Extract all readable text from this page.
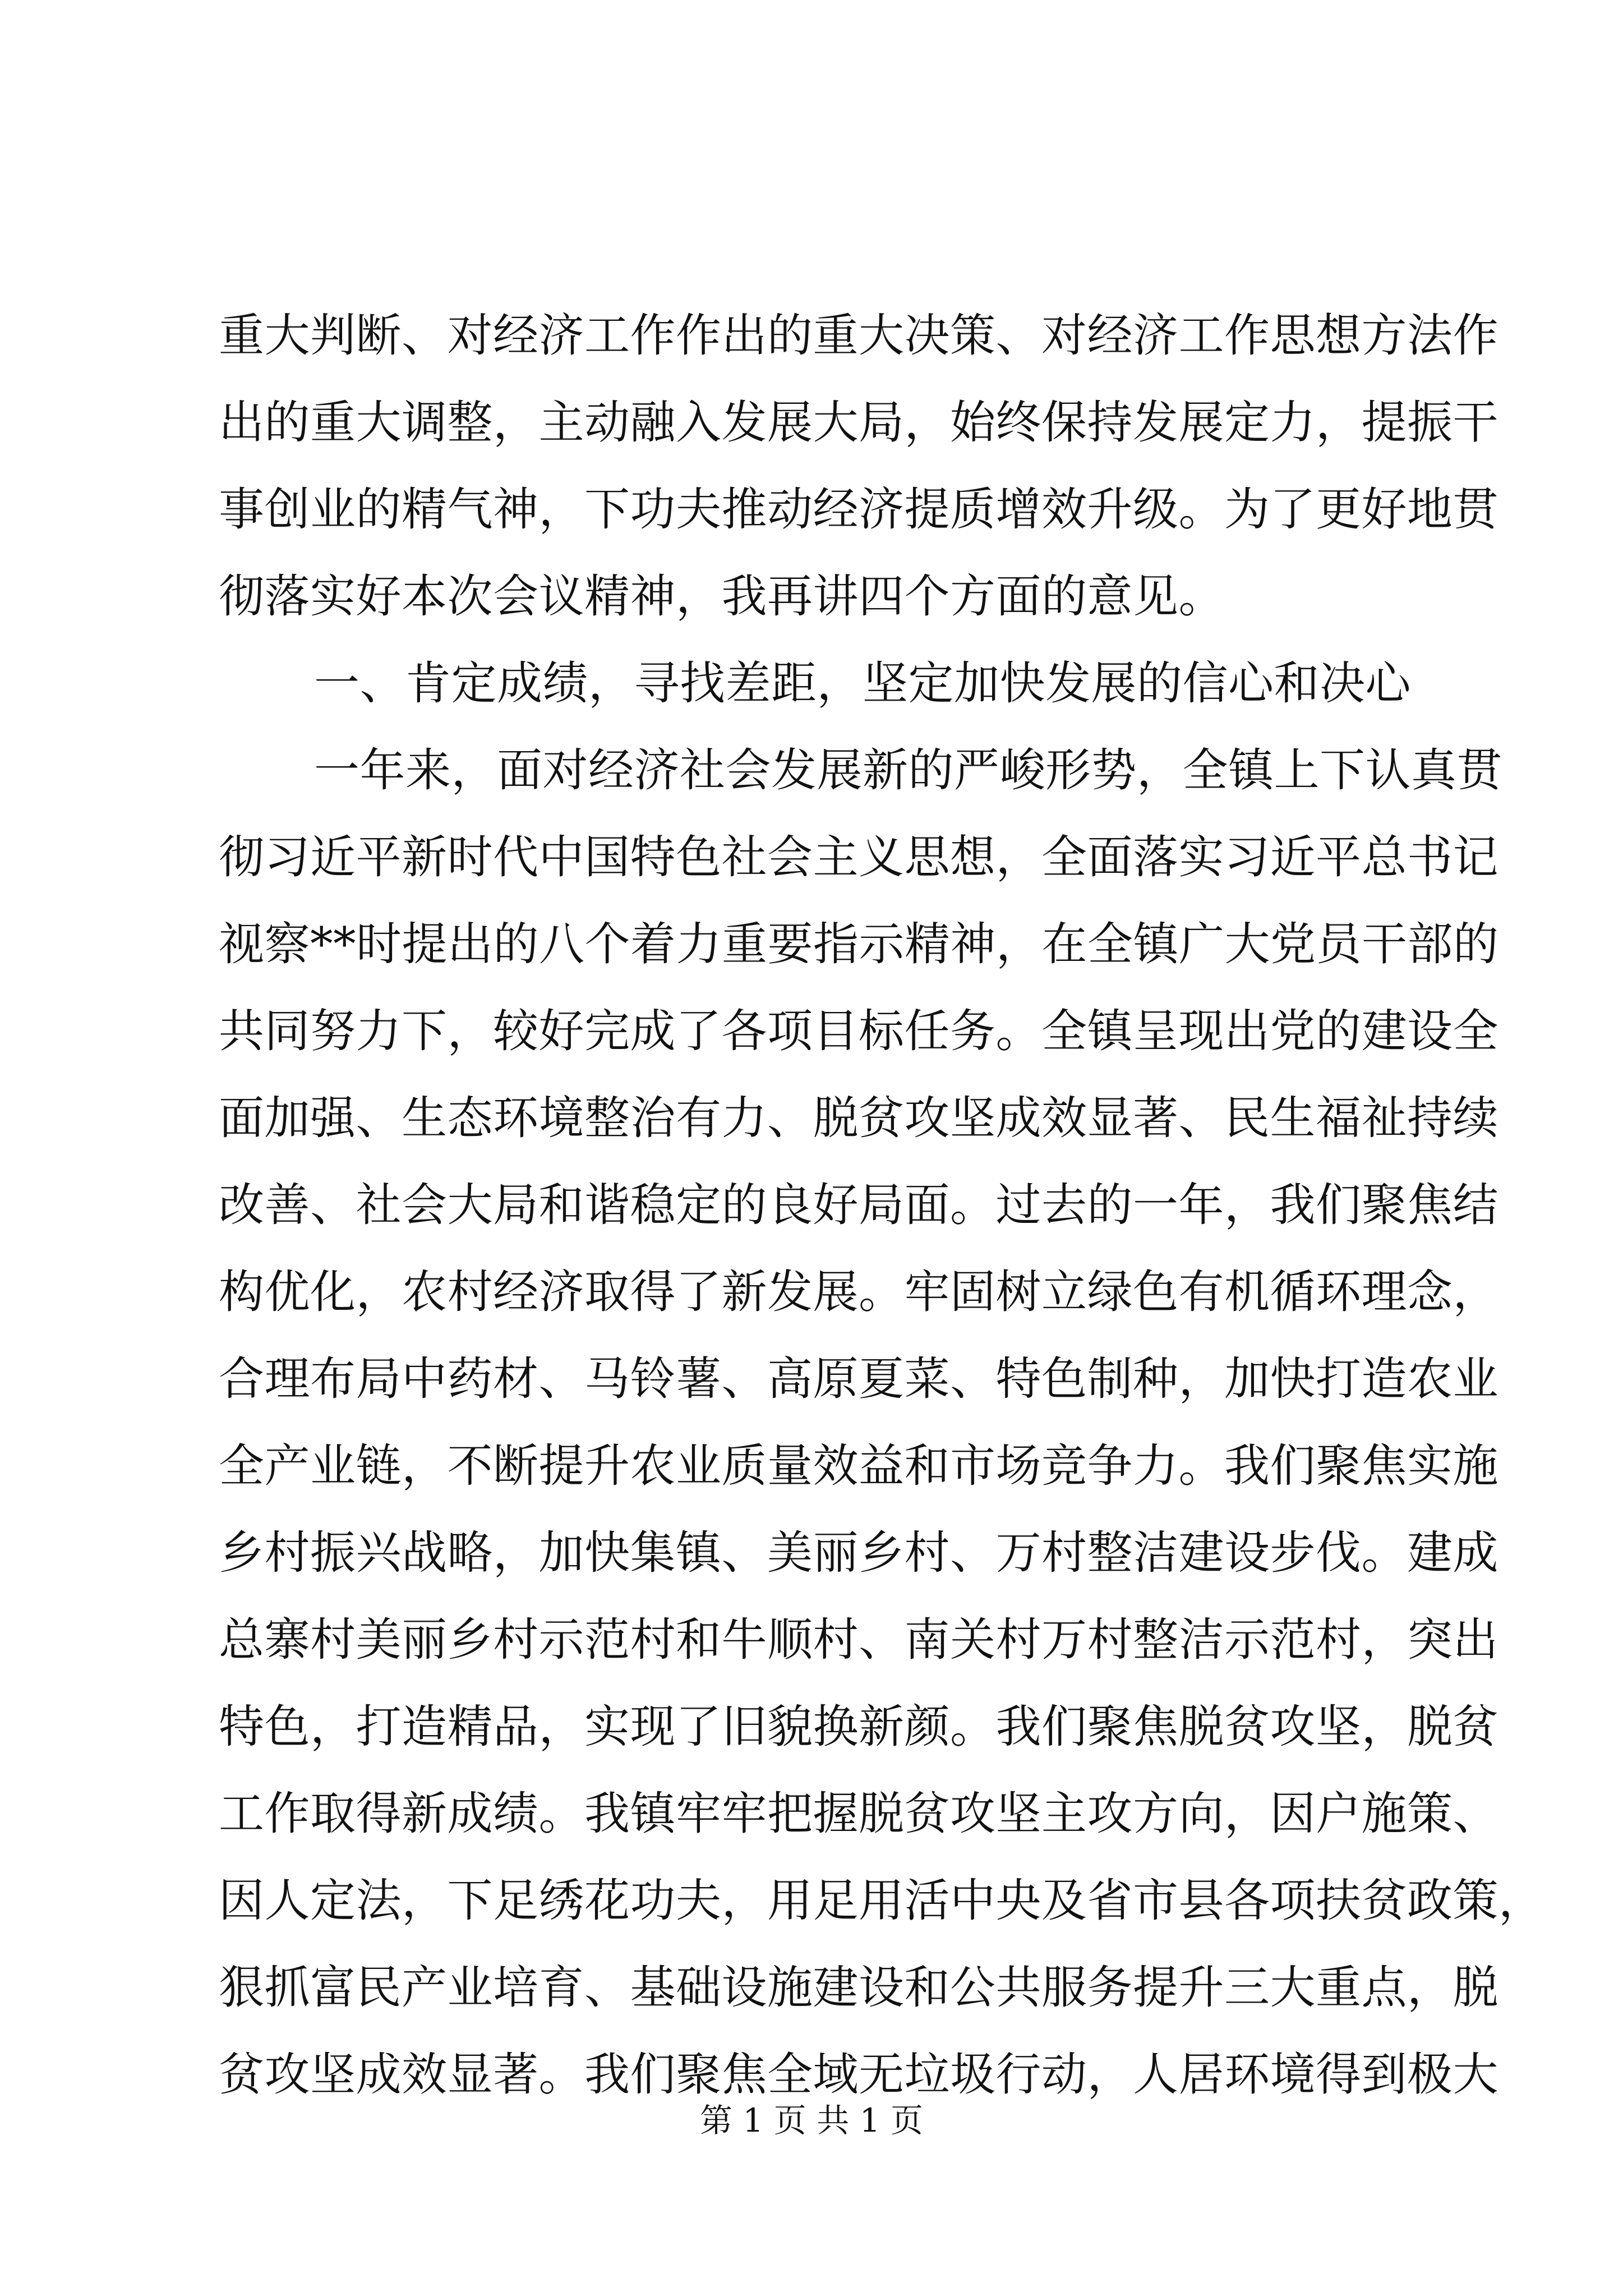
重大判断、对经济工作作出的重大决策、对经济工作思想方法作
出的重大调整，主动融入发展大局，始终保持发展定力，提振干
事创业的精气神，下功夫推动经济提质增效升级。为了更好地贯
彻落实好本次会议精神，我再讲四个方面的意见。
一、肯定成绩，寻找差距，坚定加快发展的信心和决心
一年来，面对经济社会发展新的严峻形势，全镇上下认真贯
彻习近平新时代中国特色社会主义思想，全面落实习近平总书记
视察**时提出的八个着力重要指示精神，在全镇广大党员干部的
共同努力下，较好完成了各项目标任务。全镇呈现出党的建设全
面加强、生态环境整治有力、脱贫攻坚成效显著、民生福祉持续
改善、社会大局和谐稳定的良好局面。过去的一年，我们聚焦结
构优化，农村经济取得了新发展。牢固树立绿色有机循环理念，
合理布局中药材、马铃薯、高原夏菜、特色制种，加快打造农业
全产业链，不断提升农业质量效益和市场竞争力。我们聚焦实施
乡村振兴战略，加快集镇、美丽乡村、万村整洁建设步伐。建成
总寨村美丽乡村示范村和牛顺村、南关村万村整洁示范村，突出
特色，打造精品，实现了旧貌换新颜。我们聚焦脱贫攻坚，脱贫
工作取得新成绩。我镇牢牢把握脱贫攻坚主攻方向，因户施策、
因人定法，下足绣花功夫，用足用活中央及省市县各项扶贫政策，
狠抓富民产业培育、基础设施建设和公共服务提升三大重点，脱
贫攻坚成效显著。我们聚焦全域无垃圾行动，人居环境得到极大
第 1 页 共 1 页
